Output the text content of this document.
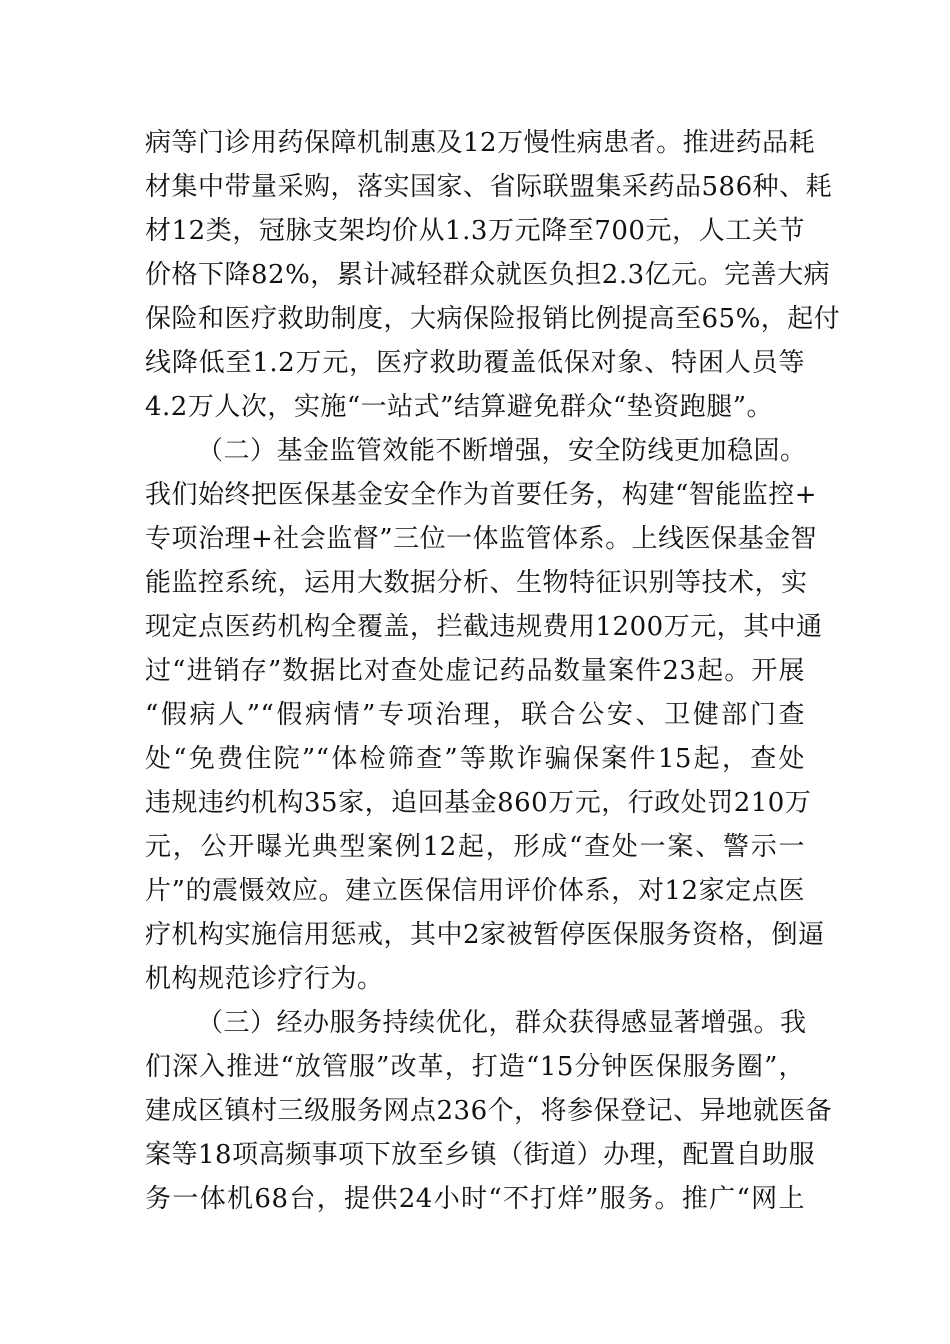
病等门诊用药保障机制惠及12万慢性病患者。推进药品耗
材集中带量采购，落实国家、省际联盟集采药品586种、耗
材12类，冠脉支架均价从1.3万元降至700元，人工关节
价格下降82%，累计减轻群众就医负担2.3亿元。完善大病
保险和医疗救助制度，大病保险报销比例提高至65%，起付
线降低至1.2万元，医疗救助覆盖低保对象、特困人员等
4.2万人次，实施“一站式”结算避免群众“垫资跑腿”。
（二）基金监管效能不断增强，安全防线更加稳固。
我们始终把医保基金安全作为首要任务，构建“智能监控+
专项治理+社会监督”三位一体监管体系。上线医保基金智
能监控系统，运用大数据分析、生物特征识别等技术，实
现定点医药机构全覆盖，拦截违规费用1200万元，其中通
过“进销存”数据比对查处虚记药品数量案件23起。开展
“假病人”“假病情”专项治理，联合公安、卫健部门查
处“免费住院”“体检筛查”等欺诈骗保案件15起，查处
违规违约机构35家，追回基金860万元，行政处罚210万
元，公开曝光典型案例12起，形成“查处一案、警示一
片”的震慑效应。建立医保信用评价体系，对12家定点医
疗机构实施信用惩戒，其中2家被暂停医保服务资格，倒逼
机构规范诊疗行为。
（三）经办服务持续优化，群众获得感显著增强。我
们深入推进“放管服”改革，打造“15分钟医保服务圈”，
建成区镇村三级服务网点236个，将参保登记、异地就医备
案等18项高频事项下放至乡镇（街道）办理，配置自助服
务一体机68台，提供24小时“不打烊”服务。推广“网上
